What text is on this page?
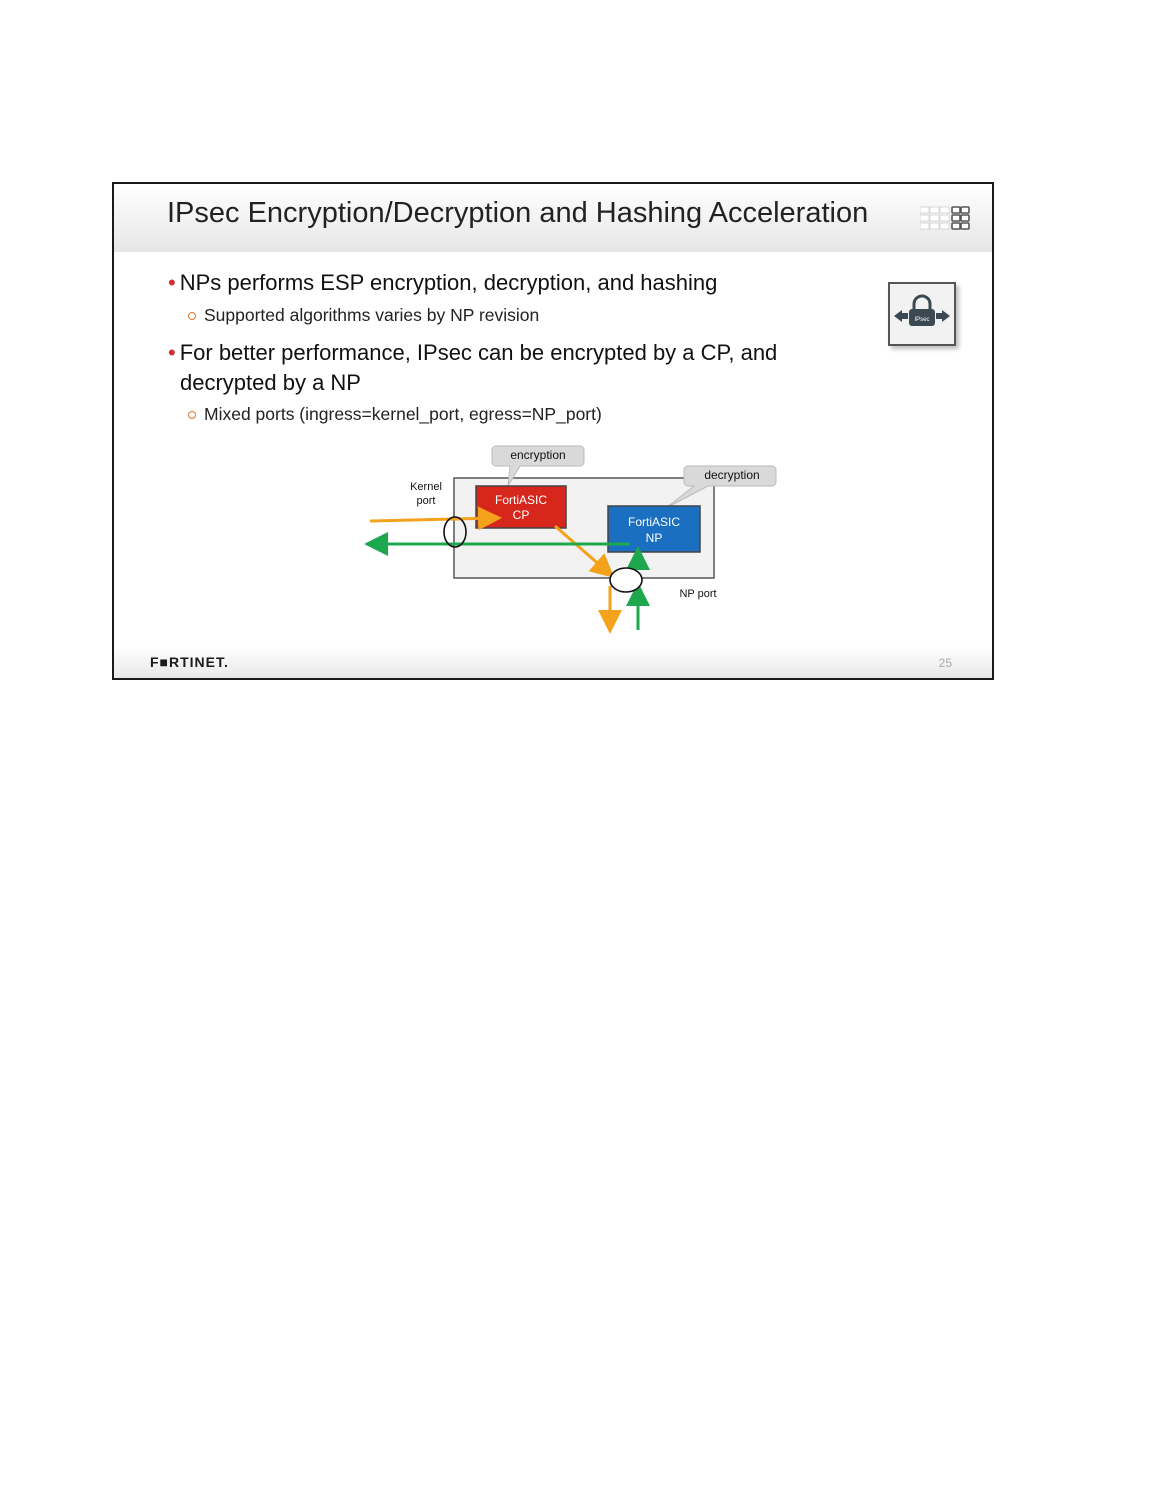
IPsec Encryption/Decryption and Hashing Acceleration
• NPs performs ESP encryption, decryption, and hashing
Supported algorithms varies by NP revision
• For better performance, IPsec can be encrypted by a CP, and
decrypted by a NP
Mixed ports (ingress=kernel_port, egress=NP_port)
IPsec
encryption
decryption
FortiASIC
CP	FortiASIC
NP
Kernel
port
NP port
F■RTINET.	25
